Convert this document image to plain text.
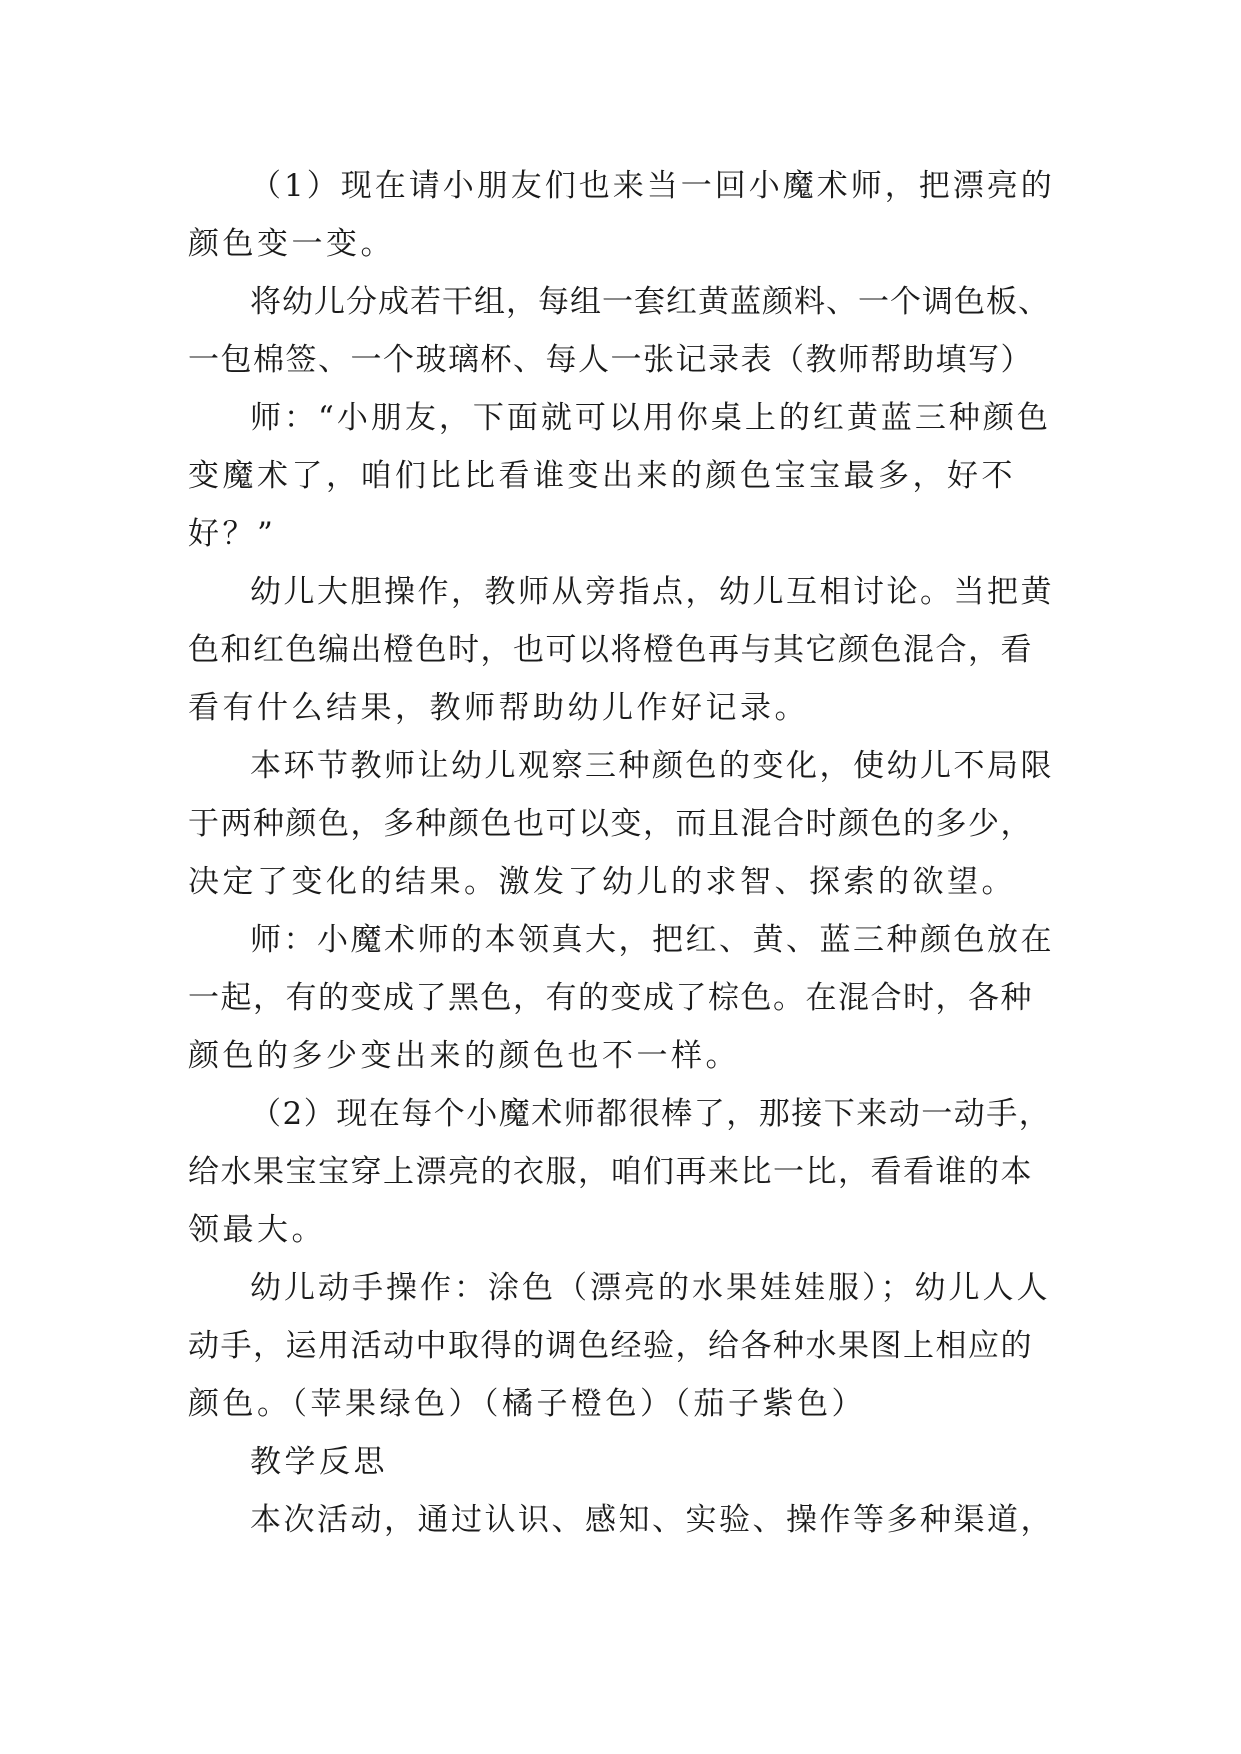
（1）现在请小朋友们也来当一回小魔术师，把漂亮的
颜色变一变。
将幼儿分成若干组，每组一套红黄蓝颜料、一个调色板、
一包棉签、一个玻璃杯、每人一张记录表（教师帮助填写）
师：“小朋友，下面就可以用你桌上的红黄蓝三种颜色
变魔术了，咱们比比看谁变出来的颜色宝宝最多，好不
好？”
幼儿大胆操作，教师从旁指点，幼儿互相讨论。当把黄
色和红色编出橙色时，也可以将橙色再与其它颜色混合，看
看有什么结果，教师帮助幼儿作好记录。
本环节教师让幼儿观察三种颜色的变化，使幼儿不局限
于两种颜色，多种颜色也可以变，而且混合时颜色的多少，
决定了变化的结果。激发了幼儿的求智、探索的欲望。
师：小魔术师的本领真大，把红、黄、蓝三种颜色放在
一起，有的变成了黑色，有的变成了棕色。在混合时，各种
颜色的多少变出来的颜色也不一样。
（2）现在每个小魔术师都很棒了，那接下来动一动手，
给水果宝宝穿上漂亮的衣服，咱们再来比一比，看看谁的本
领最大。
幼儿动手操作：涂色（漂亮的水果娃娃服）；幼儿人人
动手，运用活动中取得的调色经验，给各种水果图上相应的
颜色。（苹果绿色）（橘子橙色）（茄子紫色）
教学反思
本次活动，通过认识、感知、实验、操作等多种渠道，
